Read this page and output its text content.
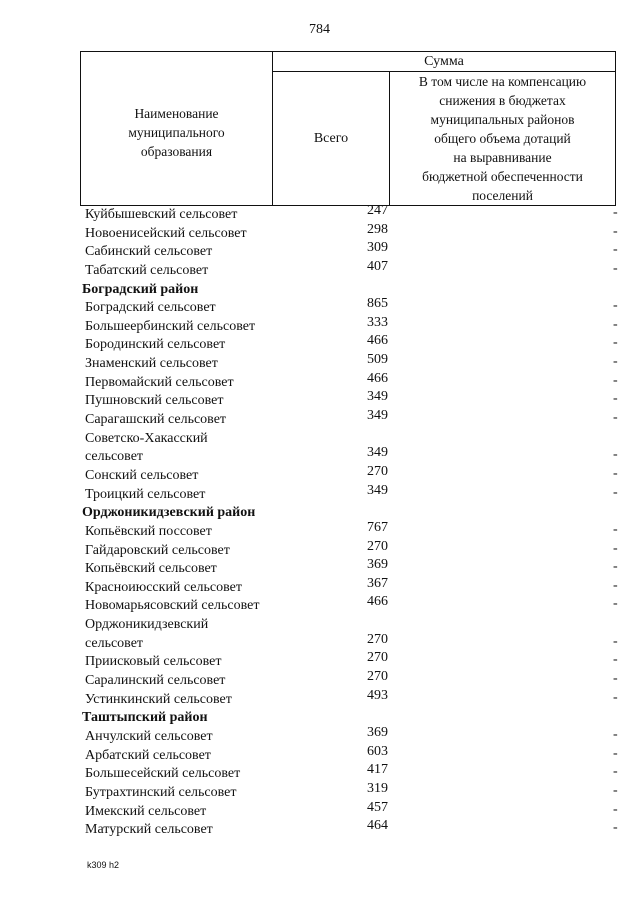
784
Наименование
муниципального
образования
Сумма
Всего
В том числе на компенсацию
снижения в бюджетах
муниципальных районов
общего объема дотаций
на выравнивание
бюджетной обеспеченности
поселений
Куйбышевский сельсовет	247	-
Новоенисейский сельсовет	298	-
Сабинский сельсовет	309	-
Табатский сельсовет	407	-
Боградский район
Боградский сельсовет	865	-
Большеербинский сельсовет	333	-
Бородинский сельсовет	466	-
Знаменский сельсовет	509	-
Первомайский сельсовет	466	-
Пушновский сельсовет	349	-
Сарагашский сельсовет	349	-
Советско-Хакасский
сельсовет	349	-
Сонский сельсовет	270	-
Троицкий сельсовет	349	-
Орджоникидзевский район
Копьёвский поссовет	767	-
Гайдаровский сельсовет	270	-
Копьёвский сельсовет	369	-
Красноиюсский сельсовет	367	-
Новомарьясовский сельсовет	466	-
Орджоникидзевский
сельсовет	270	-
Приисковый сельсовет	270	-
Саралинский сельсовет	270	-
Устинкинский сельсовет	493	-
Таштыпский район
Анчулский сельсовет	369	-
Арбатский сельсовет	603	-
Большесейский сельсовет	417	-
Бутрахтинский сельсовет	319	-
Имекский сельсовет	457	-
Матурский сельсовет	464	-
k309 h2
